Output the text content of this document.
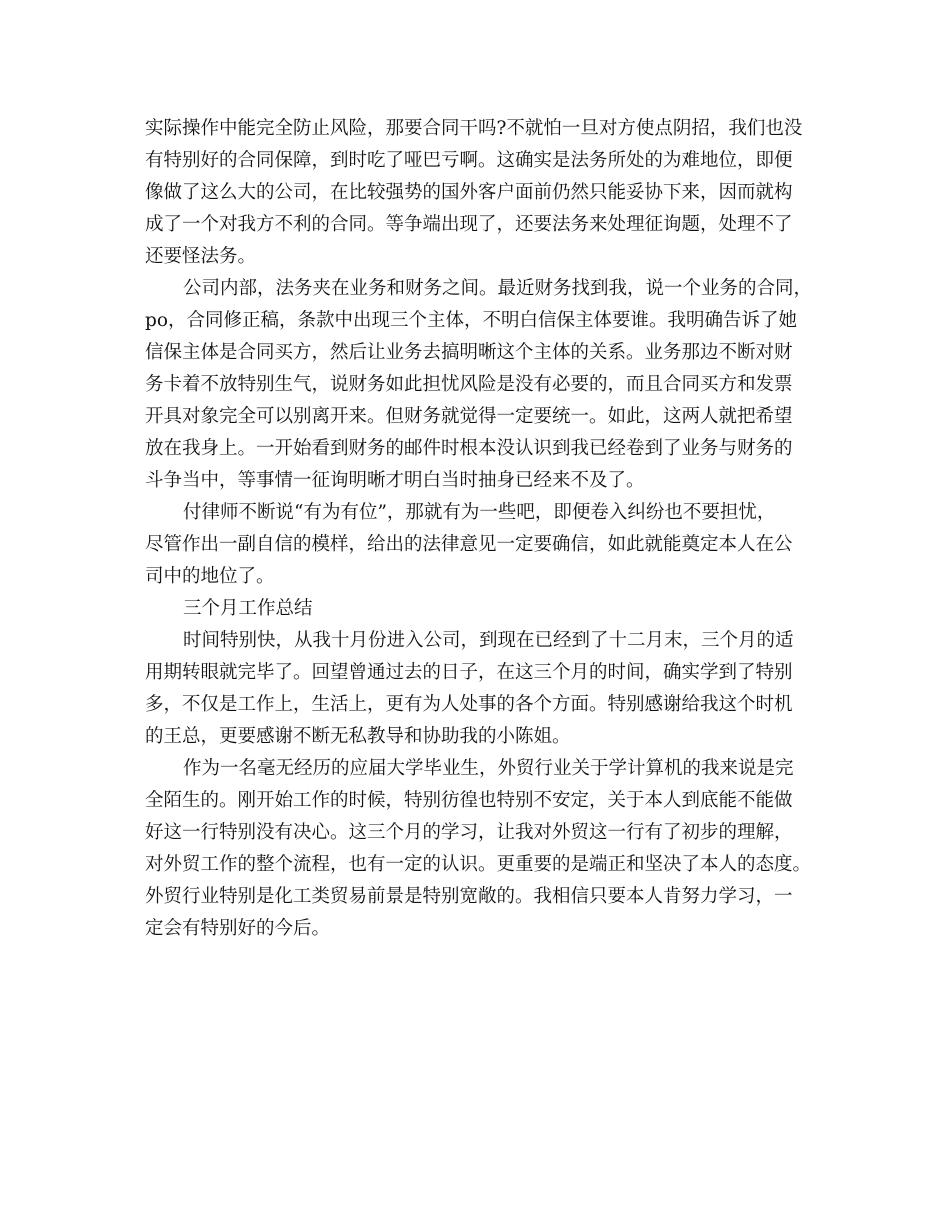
实际操作中能完全防止风险，那要合同干吗?不就怕一旦对方使点阴招，我们也没
有特别好的合同保障，到时吃了哑巴亏啊。这确实是法务所处的为难地位，即便
像做了这么大的公司，在比较强势的国外客户面前仍然只能妥协下来，因而就构
成了一个对我方不利的合同。等争端出现了，还要法务来处理征询题，处理不了
还要怪法务。
公司内部，法务夹在业务和财务之间。最近财务找到我，说一个业务的合同，
po，合同修正稿，条款中出现三个主体，不明白信保主体要谁。我明确告诉了她
信保主体是合同买方，然后让业务去搞明晰这个主体的关系。业务那边不断对财
务卡着不放特别生气，说财务如此担忧风险是没有必要的，而且合同买方和发票
开具对象完全可以别离开来。但财务就觉得一定要统一。如此，这两人就把希望
放在我身上。一开始看到财务的邮件时根本没认识到我已经卷到了业务与财务的
斗争当中，等事情一征询明晰才明白当时抽身已经来不及了。
付律师不断说“有为有位”，那就有为一些吧，即便卷入纠纷也不要担忧，
尽管作出一副自信的模样，给出的法律意见一定要确信，如此就能奠定本人在公
司中的地位了。
三个月工作总结
时间特别快，从我十月份进入公司，到现在已经到了十二月末，三个月的适
用期转眼就完毕了。回望曾通过去的日子，在这三个月的时间，确实学到了特别
多，不仅是工作上，生活上，更有为人处事的各个方面。特别感谢给我这个时机
的王总，更要感谢不断无私教导和协助我的小陈姐。
作为一名毫无经历的应届大学毕业生，外贸行业关于学计算机的我来说是完
全陌生的。刚开始工作的时候，特别彷徨也特别不安定，关于本人到底能不能做
好这一行特别没有决心。这三个月的学习，让我对外贸这一行有了初步的理解，
对外贸工作的整个流程，也有一定的认识。更重要的是端正和坚决了本人的态度。
外贸行业特别是化工类贸易前景是特别宽敞的。我相信只要本人肯努力学习，一
定会有特别好的今后。
